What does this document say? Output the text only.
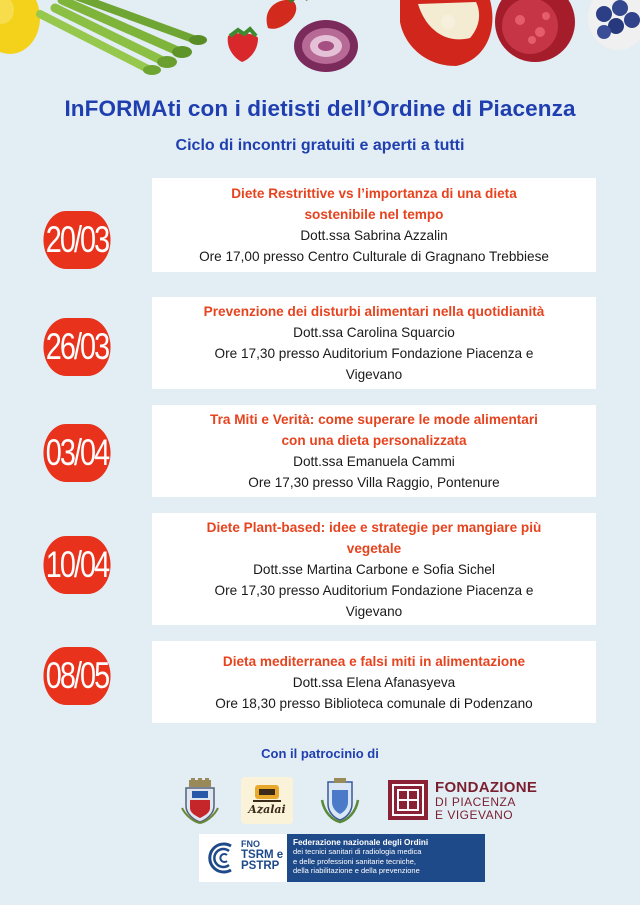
InFORMAti con i dietisti dell’Ordine di Piacenza
Ciclo di incontri gratuiti e aperti a tutti
20/03
Diete Restrittive vs l’importanza di una dieta
sostenibile nel tempo
Dott.ssa Sabrina Azzalin
Ore 17,00 presso Centro Culturale di Gragnano Trebbiese
26/03
Prevenzione dei disturbi alimentari nella quotidianità
Dott.ssa Carolina Squarcio
Ore 17,30 presso Auditorium Fondazione Piacenza e
Vigevano
03/04
Tra Miti e Verità: come superare le mode alimentari
con una dieta personalizzata
Dott.ssa Emanuela Cammi
Ore 17,30 presso Villa Raggio, Pontenure
10/04
Diete Plant-based: idee e strategie per mangiare più
vegetale
Dott.sse Martina Carbone e Sofia Sichel
Ore 17,30 presso Auditorium Fondazione Piacenza e
Vigevano
08/05	Dieta mediterranea e falsi miti in alimentazione
Dott.ssa Elena Afanasyeva
Ore 18,30 presso Biblioteca comunale di Podenzano
Con il patrocinio di
Azalai
FONDAZIONE
DI PIACENZA
E VIGEVANO
FNO
TSRM e
PSTRP
Federazione nazionale degli Ordini
dei tecnici sanitari di radiologia medica
e delle professioni sanitarie tecniche,
della riabilitazione e della prevenzione
